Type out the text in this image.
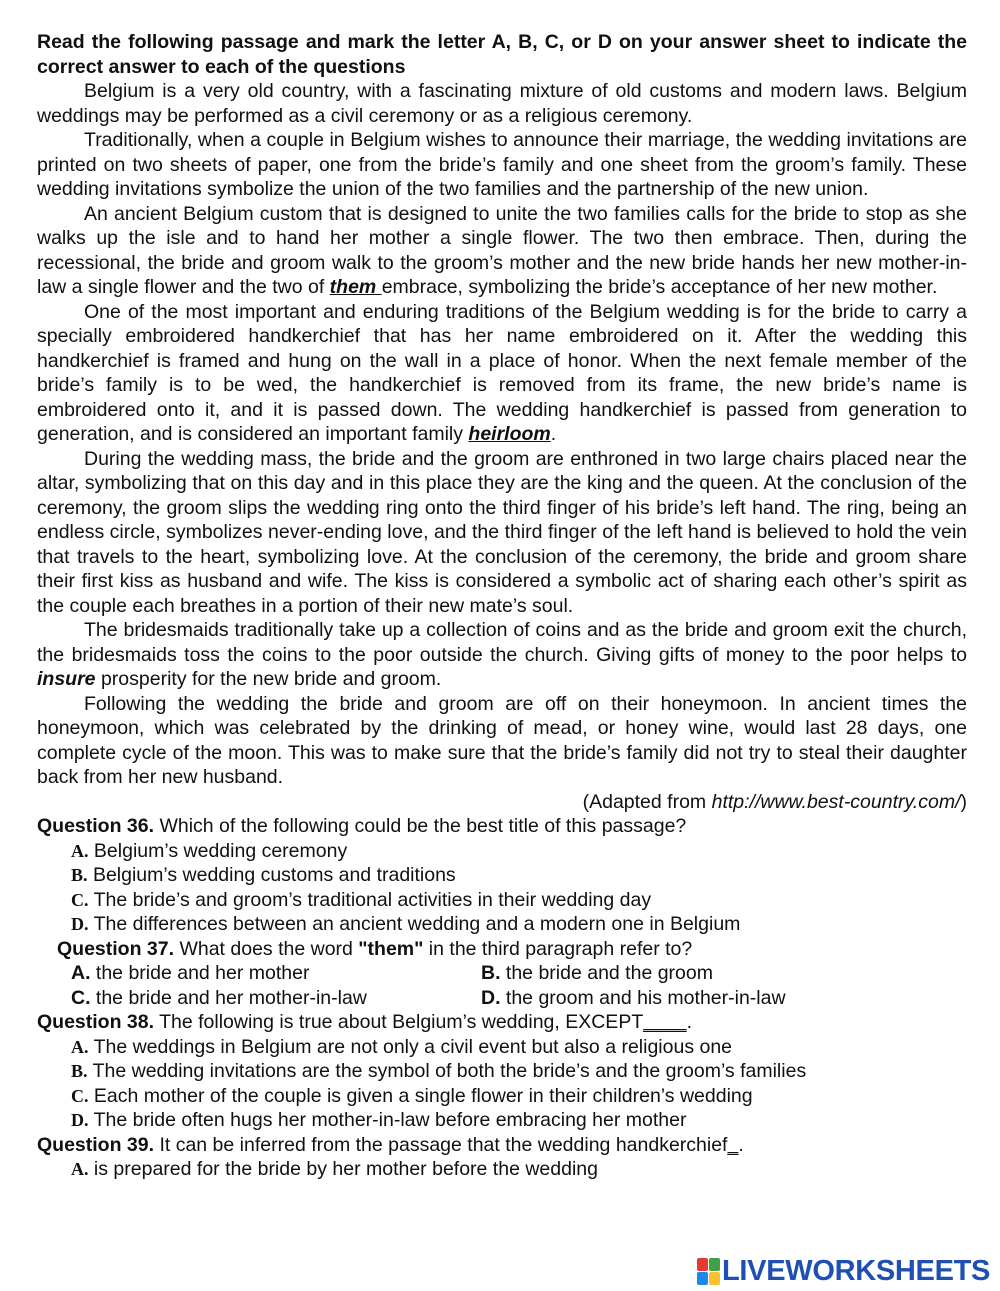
Read the following passage and mark the letter A, B, C, or D on your answer sheet to indicate the correct answer to each of the questions

Belgium is a very old country, with a fascinating mixture of old customs and modern laws. Belgium weddings may be performed as a civil ceremony or as a religious ceremony.

Traditionally, when a couple in Belgium wishes to announce their marriage, the wedding invitations are printed on two sheets of paper, one from the bride’s family and one sheet from the groom’s family. These wedding invitations symbolize the union of the two families and the partnership of the new union.

An ancient Belgium custom that is designed to unite the two families calls for the bride to stop as she walks up the isle and to hand her mother a single flower. The two then embrace. Then, during the recessional, the bride and groom walk to the groom’s mother and the new bride hands her new mother-in- law a single flower and the two of them embrace, symbolizing the bride’s acceptance of her new mother.

One of the most important and enduring traditions of the Belgium wedding is for the bride to carry a specially embroidered handkerchief that has her name embroidered on it. After the wedding this handkerchief is framed and hung on the wall in a place of honor. When the next female member of the bride’s family is to be wed, the handkerchief is removed from its frame, the new bride’s name is embroidered onto it, and it is passed down. The wedding handkerchief is passed from generation to generation, and is considered an important family heirloom.

During the wedding mass, the bride and the groom are enthroned in two large chairs placed near the altar, symbolizing that on this day and in this place they are the king and the queen. At the conclusion of the ceremony, the groom slips the wedding ring onto the third finger of his bride’s left hand. The ring, being an endless circle, symbolizes never-ending love, and the third finger of the left hand is believed to hold the vein that travels to the heart, symbolizing love. At the conclusion of the ceremony, the bride and groom share their first kiss as husband and wife. The kiss is considered a symbolic act of sharing each other’s spirit as the couple each breathes in a portion of their new mate’s soul.

The bridesmaids traditionally take up a collection of coins and as the bride and groom exit the church, the bridesmaids toss the coins to the poor outside the church. Giving gifts of money to the poor helps to insure prosperity for the new bride and groom.

Following the wedding the bride and groom are off on their honeymoon. In ancient times the honeymoon, which was celebrated by the drinking of mead, or honey wine, would last 28 days, one complete cycle of the moon. This was to make sure that the bride’s family did not try to steal their daughter back from her new husband.

(Adapted from http://www.best-country.com/)
Question 36. Which of the following could be the best title of this passage?
A. Belgium’s wedding ceremony
B. Belgium’s wedding customs and traditions
C. The bride’s and groom’s traditional activities in their wedding day
D. The differences between an ancient wedding and a modern one in Belgium
Question 37. What does the word "them" in the third paragraph refer to?
A. the bride and her mother	B. the bride and the groom
C. the bride and her mother-in-law	D. the groom and his mother-in-law
Question 38. The following is true about Belgium’s wedding, EXCEPT____.
A. The weddings in Belgium are not only a civil event but also a religious one
B. The wedding invitations are the symbol of both the bride’s and the groom’s families
C. Each mother of the couple is given a single flower in their children’s wedding
D. The bride often hugs her mother-in-law before embracing her mother
Question 39. It can be inferred from the passage that the wedding handkerchief_.
A. is prepared for the bride by her mother before the wedding
LIVEWORKSHEETS
